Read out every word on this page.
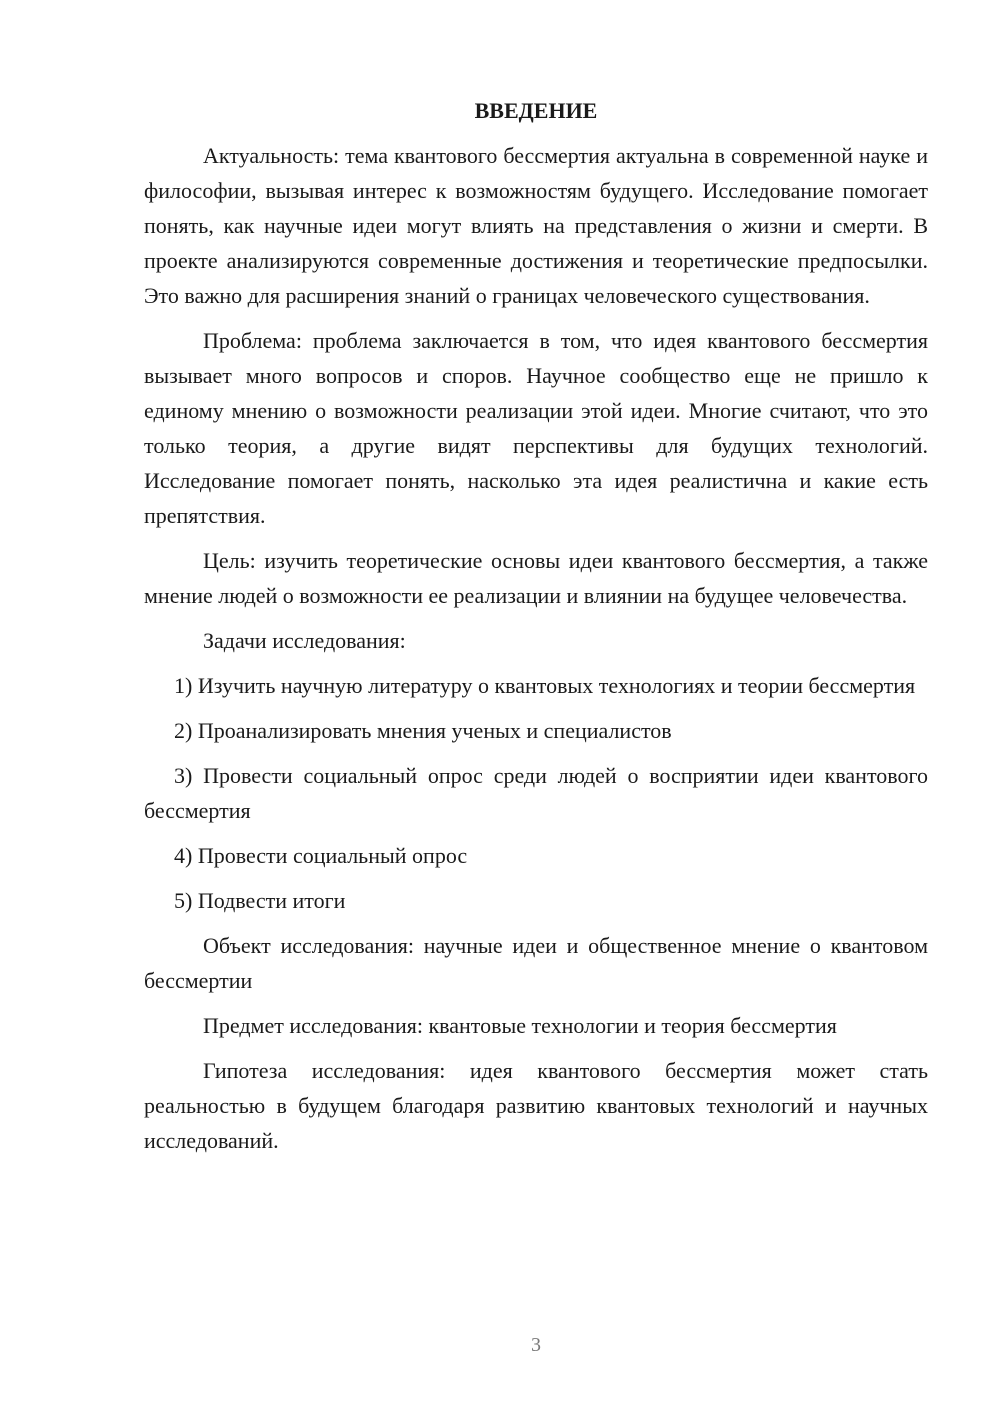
ВВЕДЕНИЕ

Актуальность: тема квантового бессмертия актуальна в современной науке и философии, вызывая интерес к возможностям будущего. Исследование помогает понять, как научные идеи могут влиять на представления о жизни и смерти. В проекте анализируются современные достижения и теоретические предпосылки. Это важно для расширения знаний о границах человеческого существования.

Проблема: проблема заключается в том, что идея квантового бессмертия вызывает много вопросов и споров. Научное сообщество еще не пришло к единому мнению о возможности реализации этой идеи. Многие считают, что это только теория, а другие видят перспективы для будущих технологий. Исследование помогает понять, насколько эта идея реалистична и какие есть препятствия.

Цель: изучить теоретические основы идеи квантового бессмертия, а также мнение людей о возможности ее реализации и влиянии на будущее человечества.

Задачи исследования:

1) Изучить научную литературу о квантовых технологиях и теории бессмертия

2) Проанализировать мнения ученых и специалистов

3) Провести социальный опрос среди людей о восприятии идеи квантового бессмертия

4) Провести социальный опрос

5) Подвести итоги

Объект исследования: научные идеи и общественное мнение о квантовом бессмертии

Предмет исследования: квантовые технологии и теория бессмертия

Гипотеза исследования: идея квантового бессмертия может стать реальностью в будущем благодаря развитию квантовых технологий и научных исследований.

3
